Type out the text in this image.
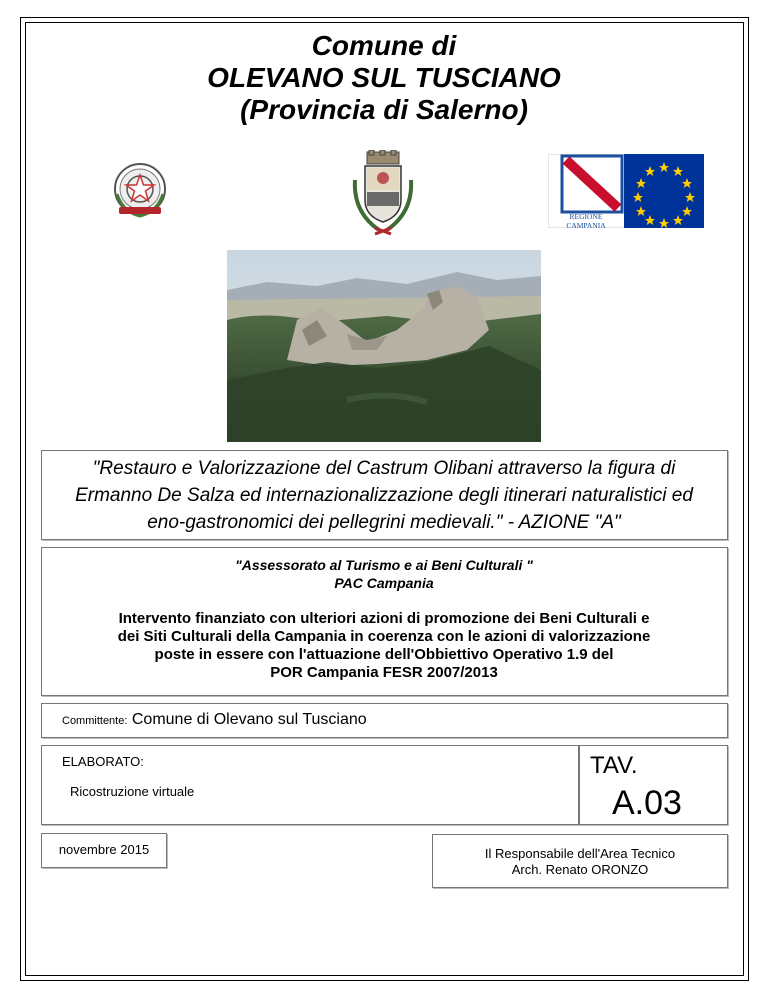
Comune di
OLEVANO SUL TUSCIANO
(Provincia di Salerno)
REGIONE CAMPANIA
"Restauro e Valorizzazione del Castrum Olibani attraverso la figura di
Ermanno De Salza ed internazionalizzazione degli itinerari naturalistici ed
eno-gastronomici dei pellegrini medievali." - AZIONE "A"
"Assessorato al Turismo e ai Beni Culturali "
PAC Campania
Intervento finanziato con ulteriori azioni di promozione dei Beni Culturali e
dei Siti Culturali della Campania in coerenza con le azioni di valorizzazione
poste in essere con l'attuazione dell'Obbiettivo Operativo 1.9 del
POR Campania FESR 2007/2013
Committente: Comune di Olevano sul Tusciano
ELABORATO:
Ricostruzione virtuale
TAV.
A.03
novembre 2015	Il Responsabile dell'Area Tecnico
Arch. Renato ORONZO
